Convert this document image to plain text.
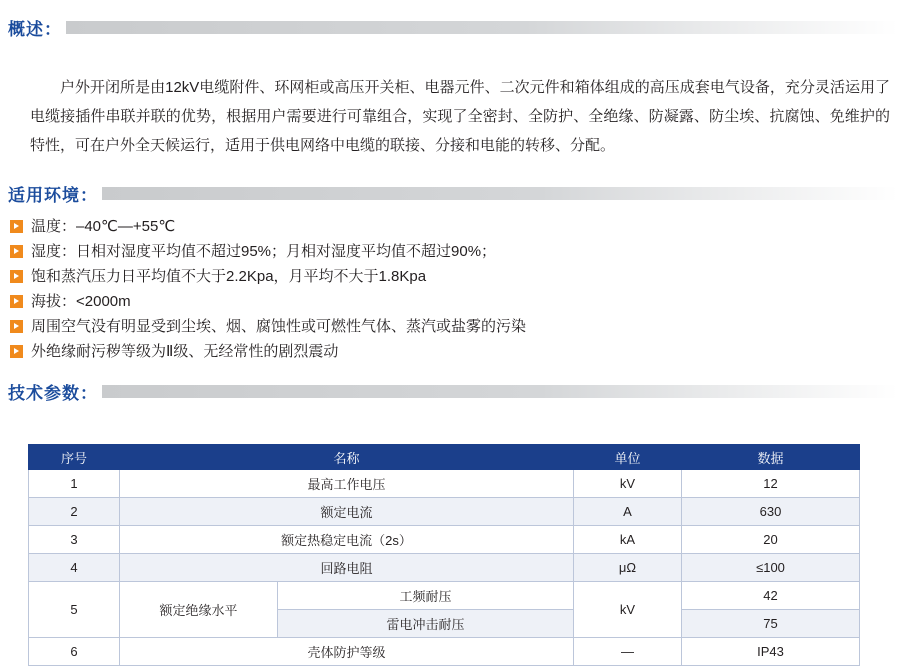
概述：

户外开闭所是由12kV电缆附件、环网柜或高压开关柜、电器元件、二次元件和箱体组成的高压成套电气设备，充分灵活运用了电缆接插件串联并联的优势，根据用户需要进行可靠组合，实现了全密封、全防护、全绝缘、防凝露、防尘埃、抗腐蚀、免维护的特性，可在户外全天候运行，适用于供电网络中电缆的联接、分接和电能的转移、分配。

适用环境：
温度：–40℃—+55℃
湿度：日相对湿度平均值不超过95%；月相对湿度平均值不超过90%；
饱和蒸汽压力日平均值不大于2.2Kpa，月平均不大于1.8Kpa
海拔：<2000m
周围空气没有明显受到尘埃、烟、腐蚀性或可燃性气体、蒸汽或盐雾的污染
外绝缘耐污秽等级为Ⅱ级、无经常性的剧烈震动
技术参数：
序号	名称		单位	数据
1	最高工作电压		kV	12
2	额定电流		A	630
3	额定热稳定电流（2s）		kA	20
4	回路电阻		μΩ	≤100
5	额定绝缘水平	工频耐压	kV	42
		雷电冲击耐压		75
6	壳体防护等级		—	IP43
